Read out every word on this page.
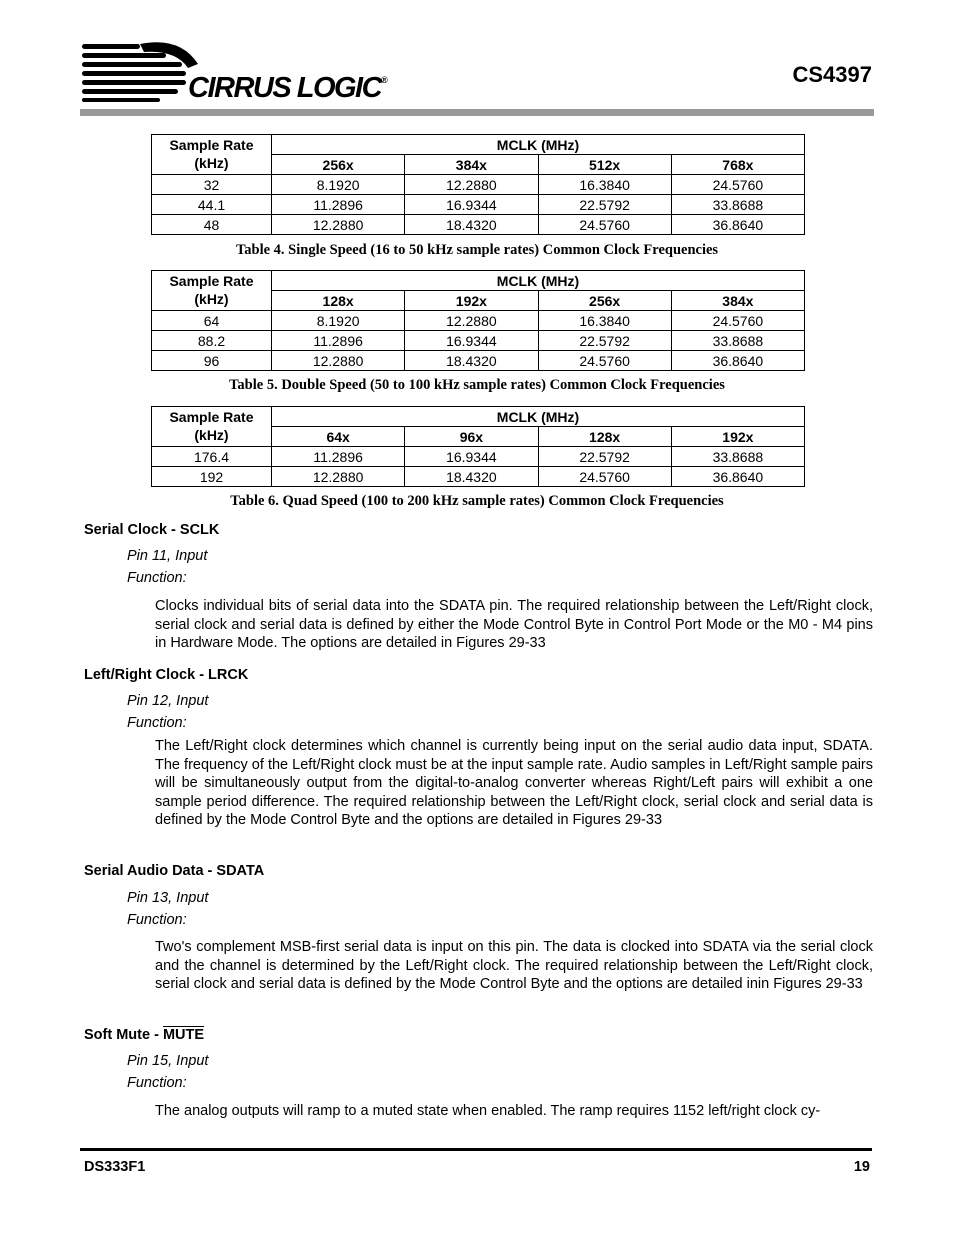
CIRRUS LOGIC®	CS4397
Sample Rate
(kHz)	MCLK (MHz)			
	256x	384x	512x	768x
32	8.1920	12.2880	16.3840	24.5760
44.1	11.2896	16.9344	22.5792	33.8688
48	12.2880	18.4320	24.5760	36.8640
Table 4. Single Speed (16 to 50 kHz sample rates) Common Clock Frequencies
Sample Rate
(kHz)	MCLK (MHz)			
	128x	192x	256x	384x
64	8.1920	12.2880	16.3840	24.5760
88.2	11.2896	16.9344	22.5792	33.8688
96	12.2880	18.4320	24.5760	36.8640
Table 5. Double Speed (50 to 100 kHz sample rates) Common Clock Frequencies
Sample Rate
(kHz)	MCLK (MHz)			
	64x	96x	128x	192x
176.4	11.2896	16.9344	22.5792	33.8688
192	12.2880	18.4320	24.5760	36.8640
Table 6. Quad Speed (100 to 200 kHz sample rates) Common Clock Frequencies
Serial Clock - SCLK
Pin 11, Input
Function:
Clocks individual bits of serial data into the SDATA pin. The required relationship between the Left/Right clock, serial clock and serial data is defined by either the Mode Control Byte in Control Port Mode or the M0 - M4 pins in Hardware Mode. The options are detailed in Figures 29-33
Left/Right Clock - LRCK
Pin 12, Input
Function:
The Left/Right clock determines which channel is currently being input on the serial audio data input, SDATA. The frequency of the Left/Right clock must be at the input sample rate. Audio samples in Left/Right sample pairs will be simultaneously output from the digital-to-analog converter whereas Right/Left pairs will exhibit a one sample period difference. The required relationship between the Left/Right clock, serial clock and serial data is defined by the Mode Control Byte and the options are detailed in Figures 29-33
Serial Audio Data - SDATA
Pin 13, Input
Function:
Two's complement MSB-first serial data is input on this pin. The data is clocked into SDATA via the serial clock and the channel is determined by the Left/Right clock. The required relationship between the Left/Right clock, serial clock and serial data is defined by the Mode Control Byte and the options are detailed inin Figures 29-33
Soft Mute - MUTE
Pin 15, Input
Function:
The analog outputs will ramp to a muted state when enabled. The ramp requires 1152 left/right clock cy-
DS333F1	19
